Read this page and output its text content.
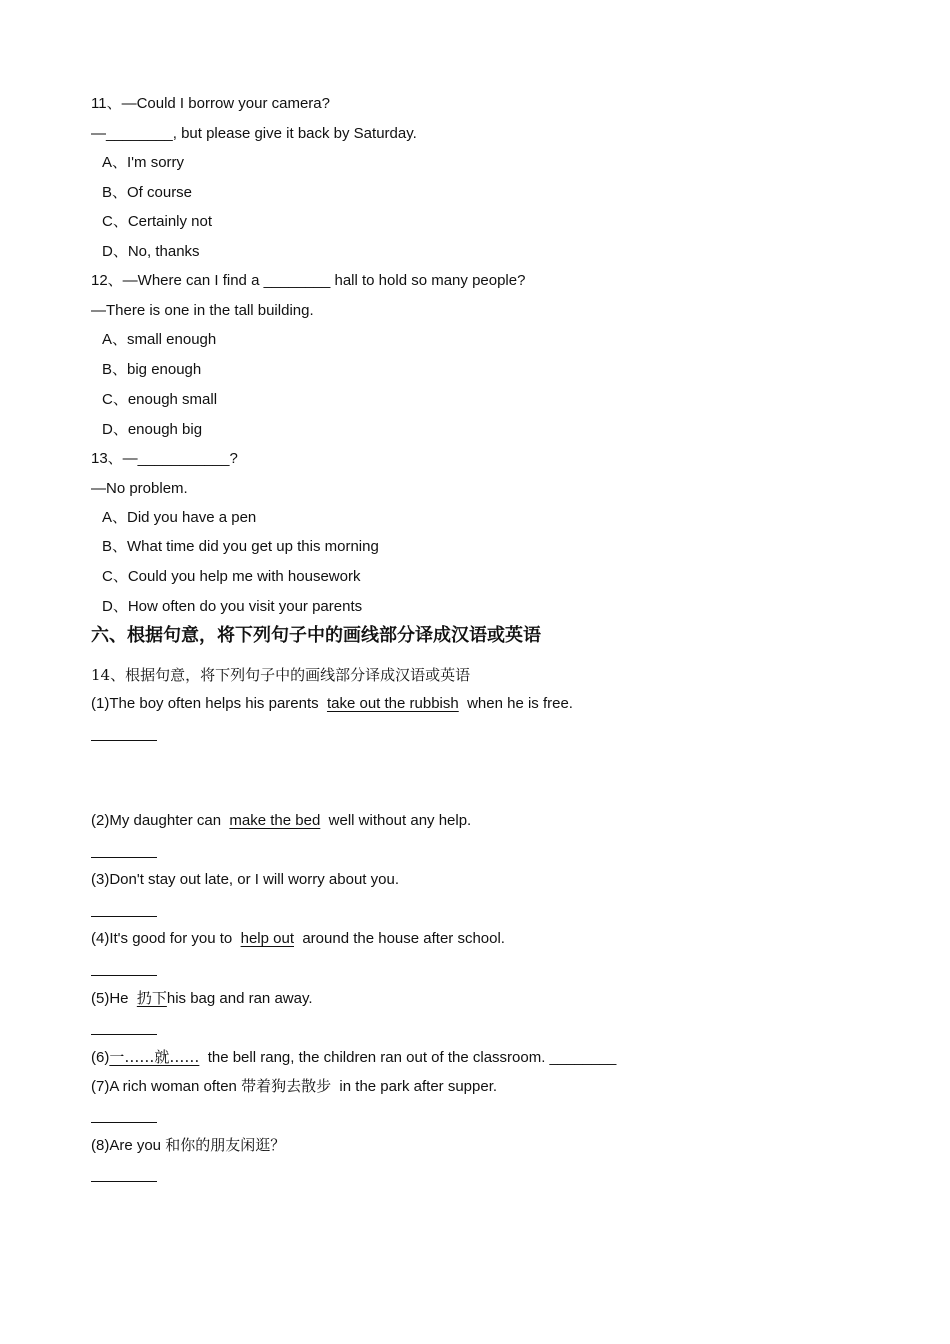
11、—Could I borrow your camera?
—________, but please give it back by Saturday.
A、I'm sorry
B、Of course
C、Certainly not
D、No, thanks
12、—Where can I find a ________ hall to hold so many people?
—There is one in the tall building.
A、small enough
B、big enough
C、enough small
D、enough big
13、—___________?
—No problem.
A、Did you have a pen
B、What time did you get up this morning
C、Could you help me with housework
D、How often do you visit your parents
六、根据句意，将下列句子中的画线部分译成汉语或英语
14、根据句意，将下列句子中的画线部分译成汉语或英语
(1)The boy often helps his parents  take out the rubbish  when he is free.
(2)My daughter can  make the bed  well without any help.
(3)Don't stay out late, or I will worry about you.
(4)It's good for you to  help out  around the house after school.
(5)He  扔下his bag and ran away.
(6)一……就……  the bell rang, the children ran out of the classroom. ________
(7)A rich woman often 带着狗去散步  in the park after supper.
(8)Are you 和你的朋友闲逛？
